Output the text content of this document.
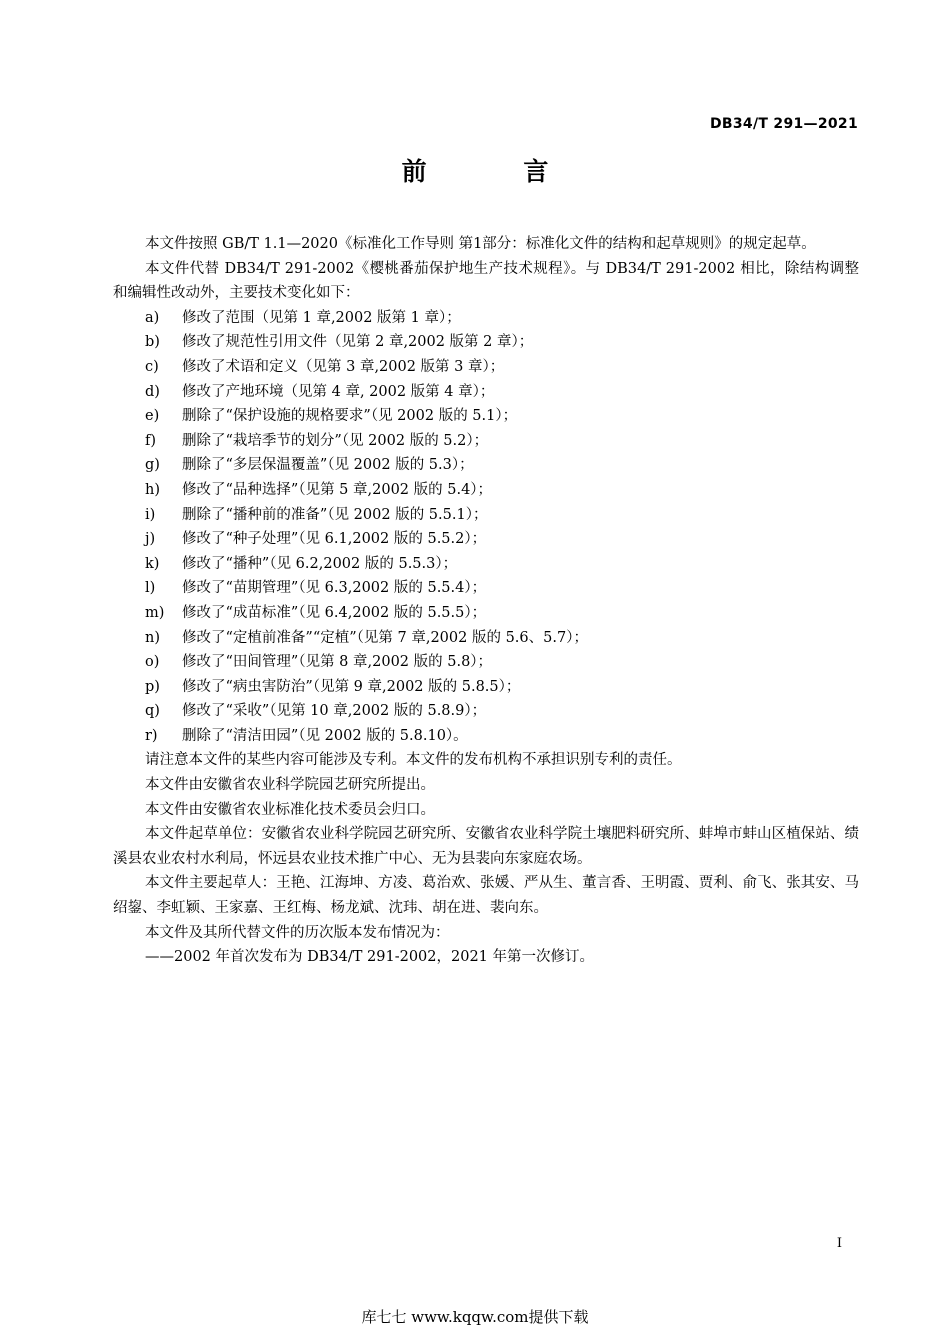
DB34/T 291—2021
前 言

本文件按照 GB/T 1.1—2020《标准化工作导则 第1部分：标准化文件的结构和起草规则》的规定起草。

本文件代替 DB34/T 291-2002《樱桃番茄保护地生产技术规程》。与 DB34/T 291-2002 相比，除结构调整和编辑性改动外，主要技术变化如下：

a) 修改了范围（见第 1 章,2002 版第 1 章）；
b) 修改了规范性引用文件（见第 2 章,2002 版第 2 章）；
c) 修改了术语和定义（见第 3 章,2002 版第 3 章）；
d) 修改了产地环境（见第 4 章, 2002 版第 4 章）；
e) 删除了“保护设施的规格要求”（见 2002 版的 5.1）；
f) 删除了“栽培季节的划分”（见 2002 版的 5.2）；
g) 删除了“多层保温覆盖”（见 2002 版的 5.3）；
h) 修改了“品种选择”（见第 5 章,2002 版的 5.4）；
i) 删除了“播种前的准备”（见 2002 版的 5.5.1）；
j) 修改了“种子处理”（见 6.1,2002 版的 5.5.2）；
k) 修改了“播种”（见 6.2,2002 版的 5.5.3）；
l) 修改了“苗期管理”（见 6.3,2002 版的 5.5.4）；
m) 修改了“成苗标准”（见 6.4,2002 版的 5.5.5）；
n) 修改了“定植前准备”“定植”（见第 7 章,2002 版的 5.6、5.7）；
o) 修改了“田间管理”（见第 8 章,2002 版的 5.8）；
p) 修改了“病虫害防治”（见第 9 章,2002 版的 5.8.5）；
q) 修改了“采收”（见第 10 章,2002 版的 5.8.9）；
r) 删除了“清洁田园”（见 2002 版的 5.8.10）。

请注意本文件的某些内容可能涉及专利。本文件的发布机构不承担识别专利的责任。

本文件由安徽省农业科学院园艺研究所提出。

本文件由安徽省农业标准化技术委员会归口。

本文件起草单位：安徽省农业科学院园艺研究所、安徽省农业科学院土壤肥料研究所、蚌埠市蚌山区植保站、绩溪县农业农村水利局，怀远县农业技术推广中心、无为县裴向东家庭农场。

本文件主要起草人：王艳、江海坤、方凌、葛治欢、张媛、严从生、董言香、王明霞、贾利、俞飞、张其安、马绍鋆、李虹颖、王家嘉、王红梅、杨龙斌、沈玮、胡在进、裴向东。

本文件及其所代替文件的历次版本发布情况为：

——2002 年首次发布为 DB34/T 291-2002，2021 年第一次修订。

I
库七七 www.kqqw.com提供下载
